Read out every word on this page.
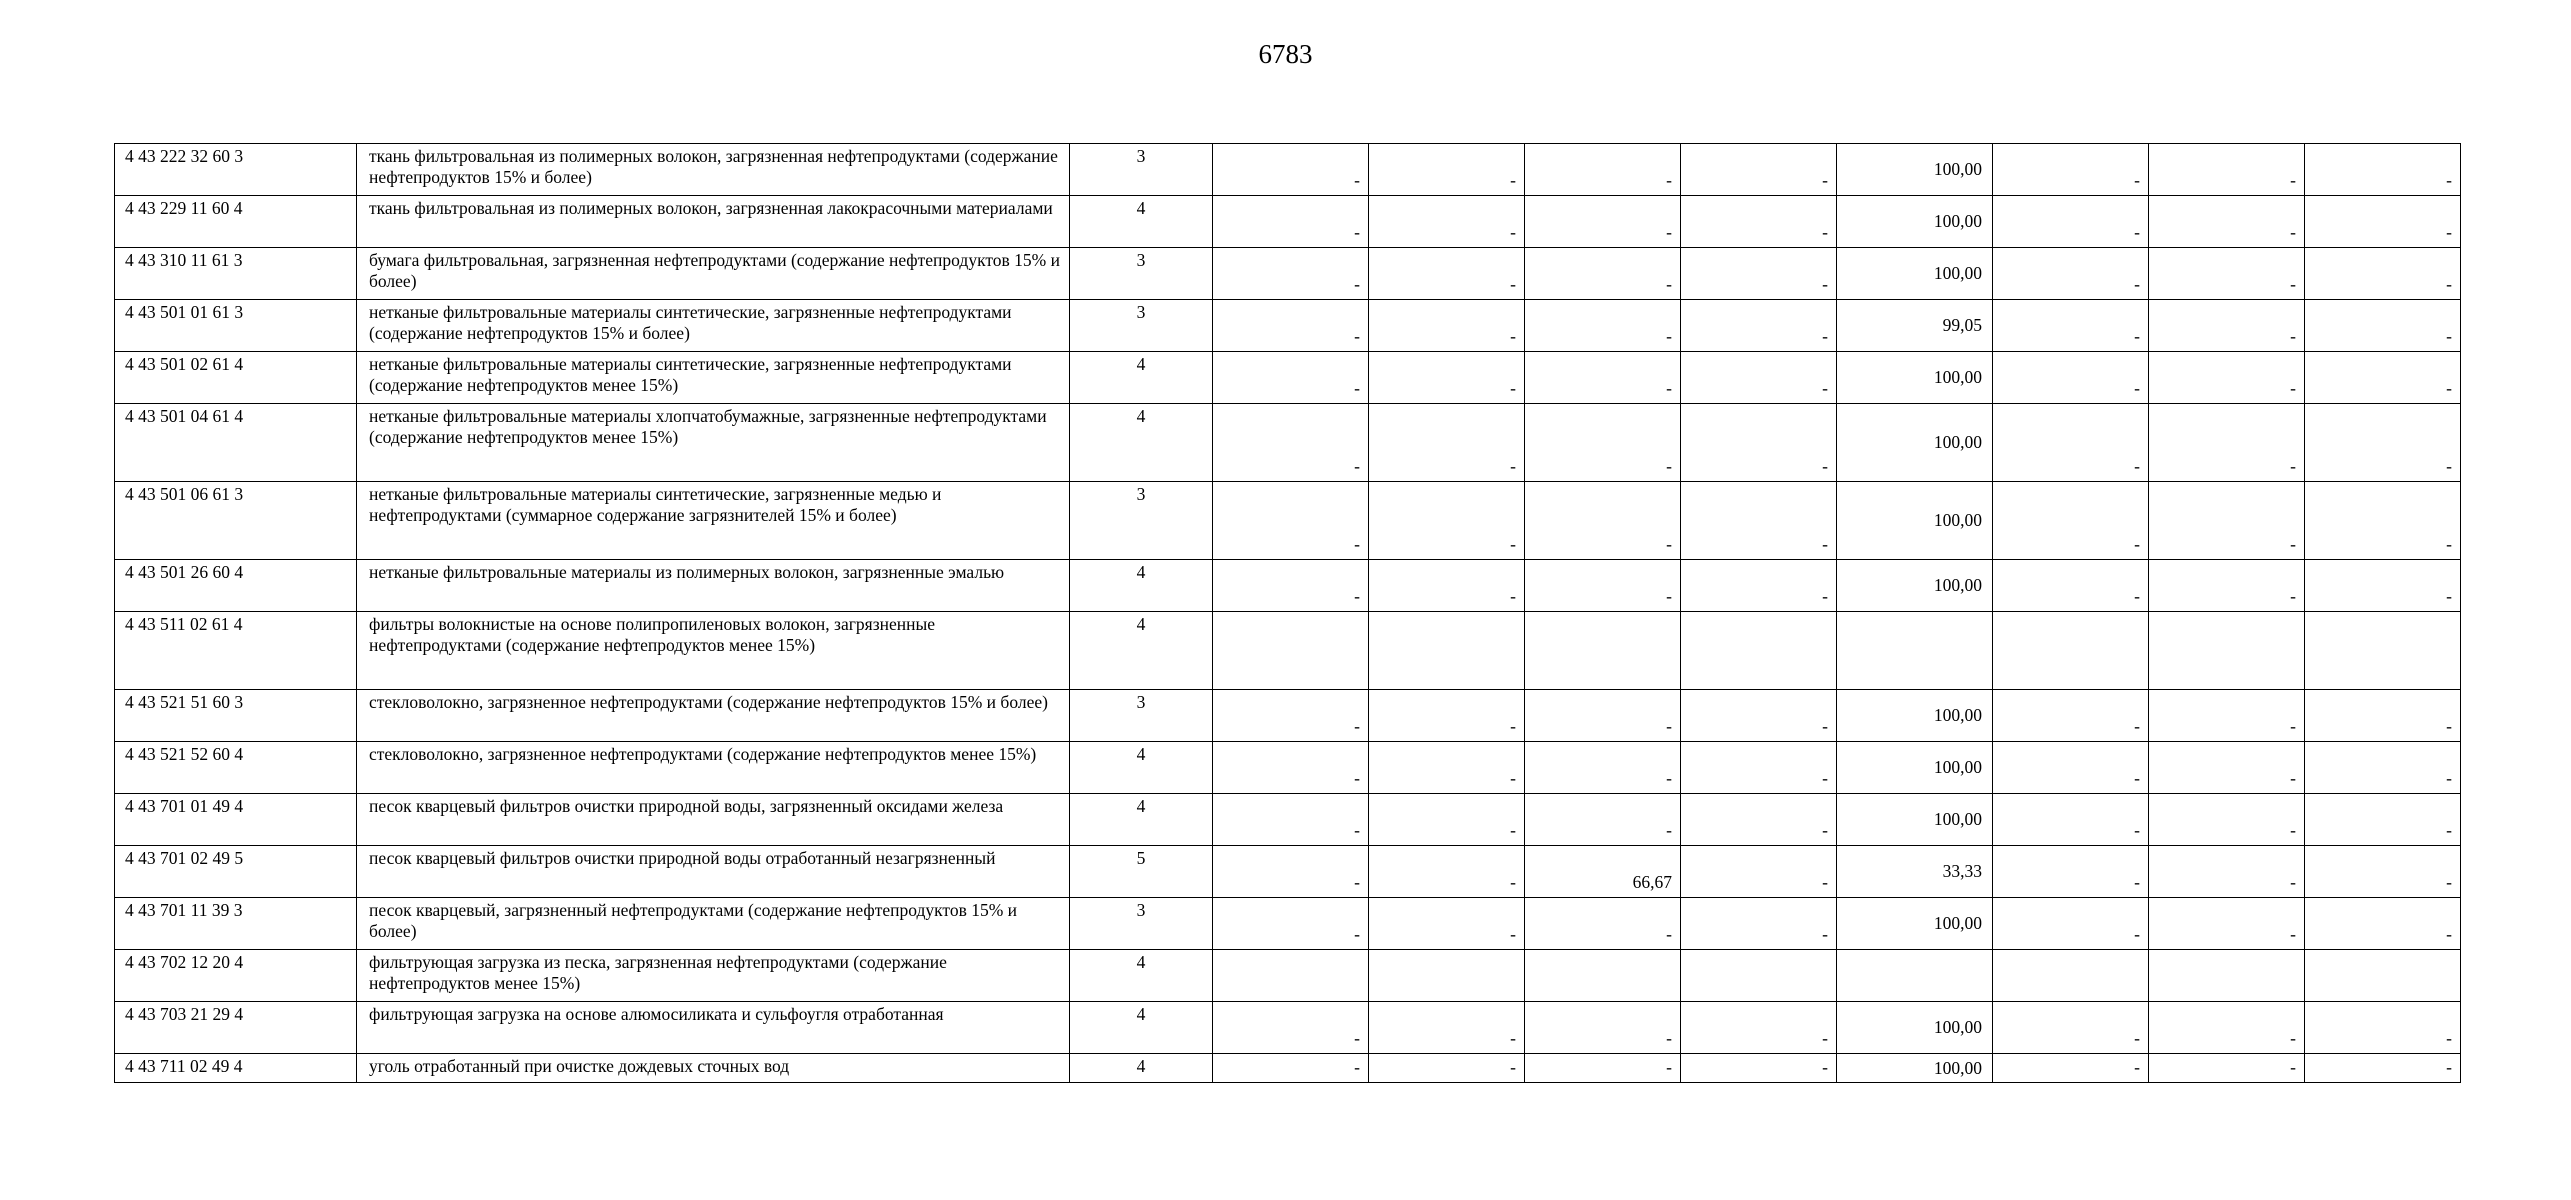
6783
4 43 222 32 60 3	ткань фильтровальная из полимерных волокон, загрязненная нефтепродуктами (содержание нефтепродуктов 15% и более)	3	-	-	-	-	100,00	-	-	-
4 43 229 11 60 4	ткань фильтровальная из полимерных волокон, загрязненная лакокрасочными материалами	4	-	-	-	-	100,00	-	-	-
4 43 310 11 61 3	бумага фильтровальная, загрязненная нефтепродуктами (содержание нефтепродуктов 15% и более)	3	-	-	-	-	100,00	-	-	-
4 43 501 01 61 3	нетканые фильтровальные материалы синтетические, загрязненные нефтепродуктами (содержание нефтепродуктов 15% и более)	3	-	-	-	-	99,05	-	-	-
4 43 501 02 61 4	нетканые фильтровальные материалы синтетические, загрязненные нефтепродуктами (содержание нефтепродуктов менее 15%)	4	-	-	-	-	100,00	-	-	-
4 43 501 04 61 4	нетканые фильтровальные материалы хлопчатобумажные, загрязненные нефтепродуктами (содержание нефтепродуктов менее 15%)	4	-	-	-	-	100,00	-	-	-
4 43 501 06 61 3	нетканые фильтровальные материалы синтетические, загрязненные медью и нефтепродуктами (суммарное содержание загрязнителей 15% и более)	3	-	-	-	-	100,00	-	-	-
4 43 501 26 60 4	нетканые фильтровальные материалы из полимерных волокон, загрязненные эмалью	4	-	-	-	-	100,00	-	-	-
4 43 511 02 61 4	фильтры волокнистые на основе полипропиленовых волокон, загрязненные нефтепродуктами (содержание нефтепродуктов менее 15%)	4								
4 43 521 51 60 3	стекловолокно, загрязненное нефтепродуктами (содержание нефтепродуктов 15% и более)	3	-	-	-	-	100,00	-	-	-
4 43 521 52 60 4	стекловолокно, загрязненное нефтепродуктами (содержание нефтепродуктов менее 15%)	4	-	-	-	-	100,00	-	-	-
4 43 701 01 49 4	песок кварцевый фильтров очистки природной воды, загрязненный оксидами железа	4	-	-	-	-	100,00	-	-	-
4 43 701 02 49 5	песок кварцевый фильтров очистки природной воды отработанный незагрязненный	5	-	-	66,67	-	33,33	-	-	-
4 43 701 11 39 3	песок кварцевый, загрязненный нефтепродуктами (содержание нефтепродуктов 15% и более)	3	-	-	-	-	100,00	-	-	-
4 43 702 12 20 4	фильтрующая загрузка из песка, загрязненная нефтепродуктами (содержание нефтепродуктов менее 15%)	4								
4 43 703 21 29 4	фильтрующая загрузка на основе алюмосиликата и сульфоугля отработанная	4	-	-	-	-	100,00	-	-	-
4 43 711 02 49 4	уголь отработанный при очистке дождевых сточных вод	4	-	-	-	-	100,00	-	-	-
